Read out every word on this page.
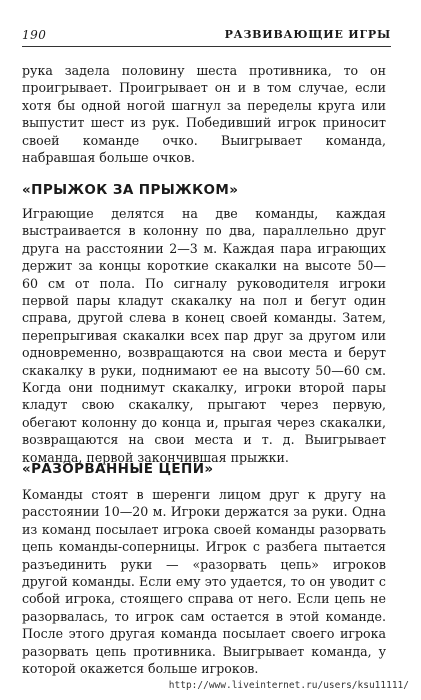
190	РАЗВИВАЮЩИЕ ИГРЫ

рука задела половину шеста противника, то он проигрывает. Проигрывает он и в том случае, если хотя бы одной ногой шагнул за переделы круга или выпустит шест из рук. Победивший игрок приносит своей команде очко. Выигрывает команда, набравшая больше очков.

«ПРЫЖОК ЗА ПРЫЖКОМ»

Играющие делятся на две команды, каждая выстраивается в колонну по два, параллельно друг друга на расстоянии 2—3 м. Каждая пара играющих держит за концы короткие скакалки на высоте 50—60 см от пола. По сигналу руководителя игроки первой пары кладут скакалку на пол и бегут один справа, другой слева в конец своей команды. Затем, перепрыгивая скакалки всех пар друг за другом или одновременно, возвращаются на свои места и берут скакалку в руки, поднимают ее на высоту 50—60 см. Когда они поднимут скакалку, игроки второй пары кладут свою скакалку, прыгают через первую, обегают колонну до конца и, прыгая через скакалки, возвращаются на свои места и т. д. Выигрывает команда, первой закончившая прыжки.

«РАЗОРВАННЫЕ ЦЕПИ»

Команды стоят в шеренги лицом друг к другу на расстоянии 10—20 м. Игроки держатся за руки. Одна из команд посылает игрока своей команды разорвать цепь команды-соперницы. Игрок с разбега пытается разъединить руки — «разорвать цепь» игроков другой команды. Если ему это удается, то он уводит с собой игрока, стоящего справа от него. Если цепь не разорвалась, то игрок сам остается в этой команде. После этого другая команда посылает своего игрока разорвать цепь противника. Выигрывает команда, у которой окажется больше игроков.

http://www.liveinternet.ru/users/ksu11111/
